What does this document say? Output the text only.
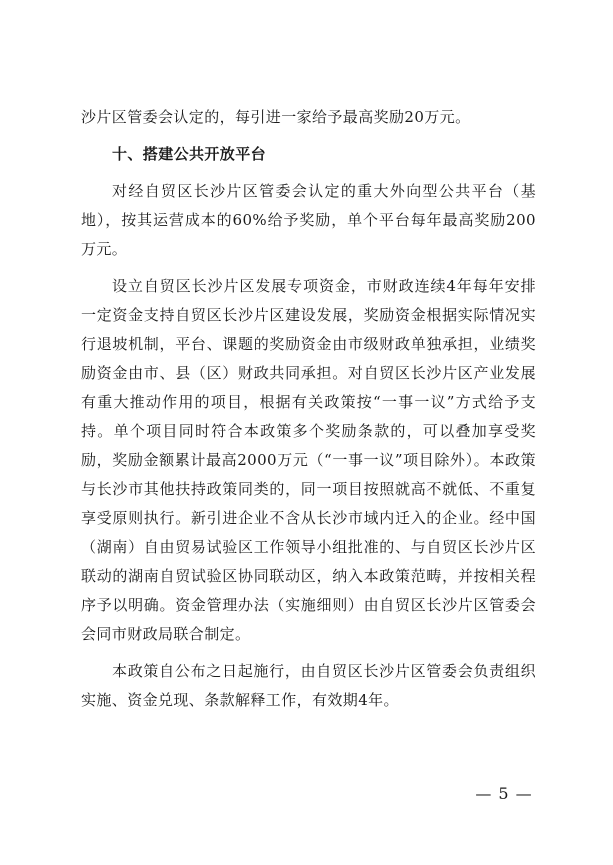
沙片区管委会认定的，每引进一家给予最高奖励20万元。

十、搭建公共开放平台

对经自贸区长沙片区管委会认定的重大外向型公共平台（基地），按其运营成本的60%给予奖励，单个平台每年最高奖励200万元。

设立自贸区长沙片区发展专项资金，市财政连续4年每年安排一定资金支持自贸区长沙片区建设发展，奖励资金根据实际情况实行退坡机制，平台、课题的奖励资金由市级财政单独承担，业绩奖励资金由市、县（区）财政共同承担。对自贸区长沙片区产业发展有重大推动作用的项目，根据有关政策按“一事一议”方式给予支持。单个项目同时符合本政策多个奖励条款的，可以叠加享受奖励，奖励金额累计最高2000万元（“一事一议”项目除外）。本政策与长沙市其他扶持政策同类的，同一项目按照就高不就低、不重复享受原则执行。新引进企业不含从长沙市域内迁入的企业。经中国（湖南）自由贸易试验区工作领导小组批准的、与自贸区长沙片区联动的湖南自贸试验区协同联动区，纳入本政策范畴，并按相关程序予以明确。资金管理办法（实施细则）由自贸区长沙片区管委会会同市财政局联合制定。

本政策自公布之日起施行，由自贸区长沙片区管委会负责组织实施、资金兑现、条款解释工作，有效期4年。

— 5 —
